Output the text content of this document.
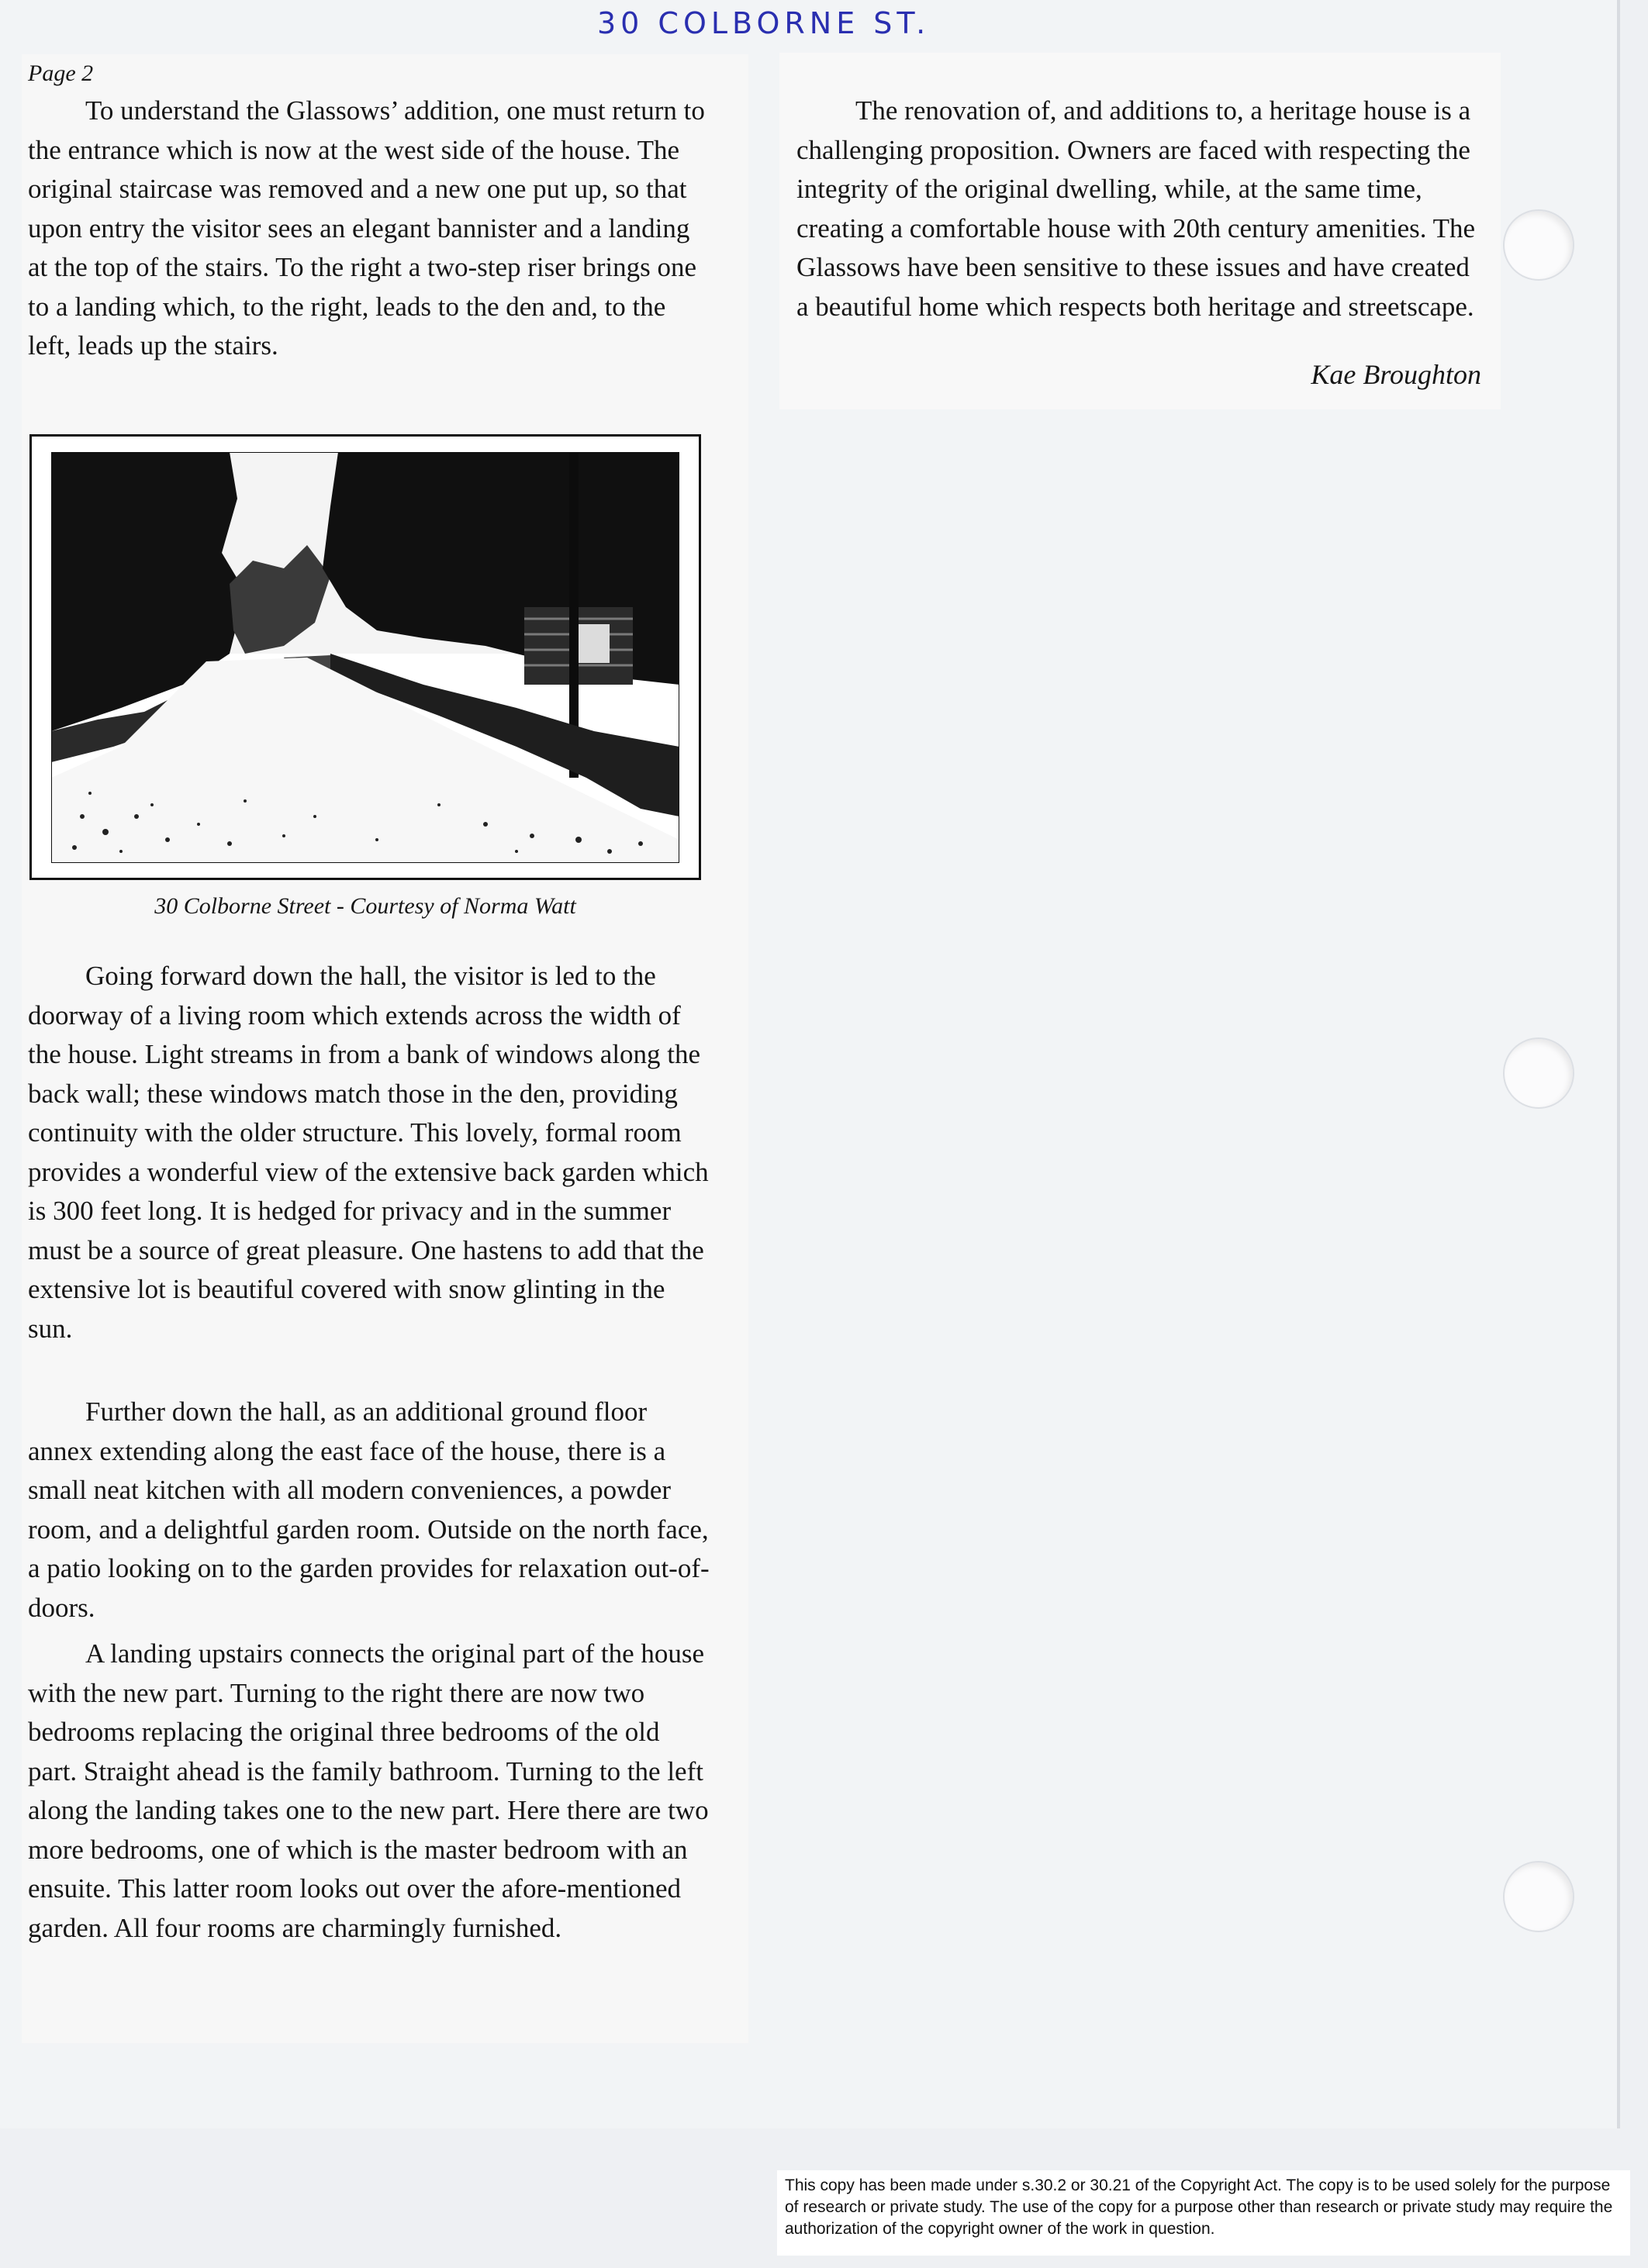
30 COLBORNE ST.
Page 2

To understand the Glassows’ addition, one must return to the entrance which is now at the west side of the house. The original staircase was removed and a new one put up, so that upon entry the visitor sees an elegant bannister and a landing at the top of the stairs. To the right a two-step riser brings one to a landing which, to the right, leads to the den and, to the left, leads up the stairs.

The renovation of, and additions to, a heritage house is a challenging proposition. Owners are faced with respecting the integrity of the original dwelling, while, at the same time, creating a comfortable house with 20th century amenities. The Glassows have been sensitive to these issues and have created a beautiful home which respects both heritage and streetscape.

Kae Broughton
30 Colborne Street - Courtesy of Norma Watt

Going forward down the hall, the visitor is led to the doorway of a living room which extends across the width of the house. Light streams in from a bank of windows along the back wall; these windows match those in the den, providing continuity with the older structure. This lovely, formal room provides a wonderful view of the extensive back garden which is 300 feet long. It is hedged for privacy and in the summer must be a source of great pleasure. One hastens to add that the extensive lot is beautiful covered with snow glinting in the sun.

Further down the hall, as an additional ground floor annex extending along the east face of the house, there is a small neat kitchen with all modern conveniences, a powder room, and a delightful garden room. Outside on the north face, a patio looking on to the garden provides for relaxation out-of-doors.

A landing upstairs connects the original part of the house with the new part. Turning to the right there are now two bedrooms replacing the original three bedrooms of the old part. Straight ahead is the family bathroom. Turning to the left along the landing takes one to the new part. Here there are two more bedrooms, one of which is the master bedroom with an ensuite. This latter room looks out over the afore-mentioned garden. All four rooms are charmingly furnished.

This copy has been made under s.30.2 or 30.21 of the Copyright Act. The copy is to be used solely for the purpose of research or private study. The use of the copy for a purpose other than research or private study may require the authorization of the copyright owner of the work in question.
